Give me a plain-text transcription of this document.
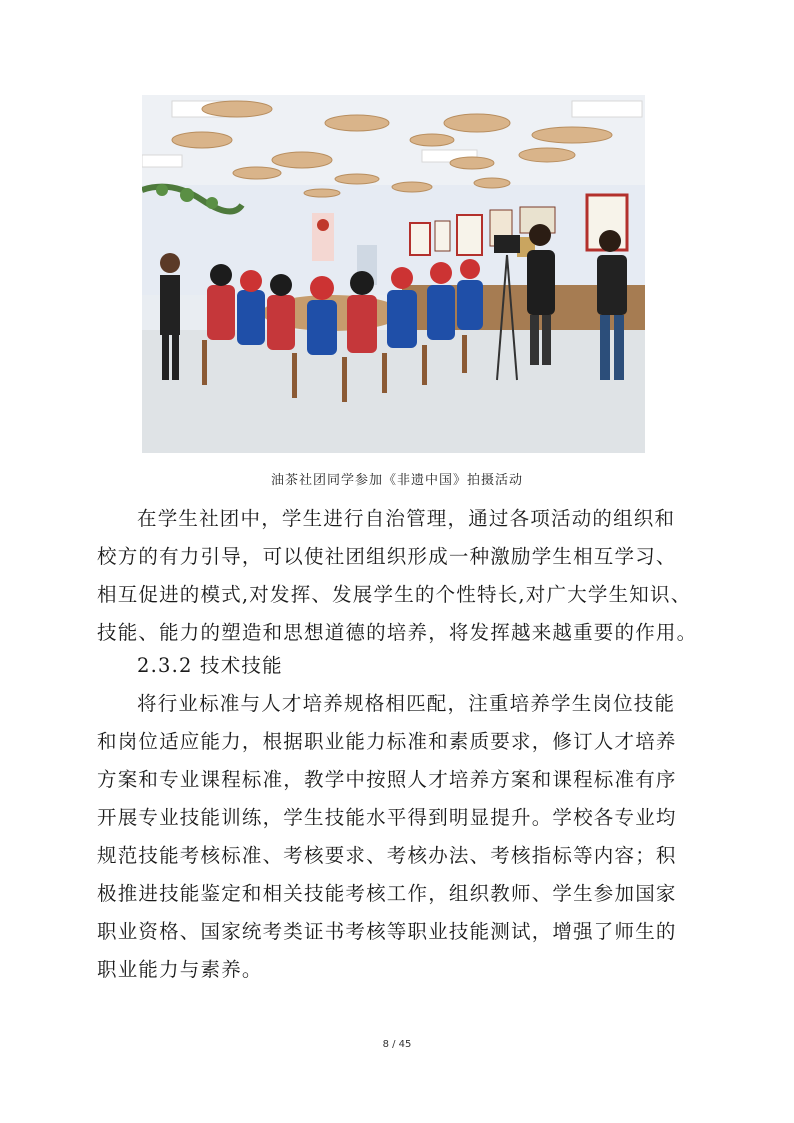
油茶社团同学参加《非遗中国》拍摄活动
在学生社团中，学生进行自治管理，通过各项活动的组织和
校方的有力引导，可以使社团组织形成一种激励学生相互学习、
相互促进的模式,对发挥、发展学生的个性特长,对广大学生知识、
技能、能力的塑造和思想道德的培养，将发挥越来越重要的作用。
2.3.2 技术技能
将行业标准与人才培养规格相匹配，注重培养学生岗位技能
和岗位适应能力，根据职业能力标准和素质要求，修订人才培养
方案和专业课程标准，教学中按照人才培养方案和课程标准有序
开展专业技能训练，学生技能水平得到明显提升。学校各专业均
规范技能考核标准、考核要求、考核办法、考核指标等内容；积
极推进技能鉴定和相关技能考核工作，组织教师、学生参加国家
职业资格、国家统考类证书考核等职业技能测试，增强了师生的
职业能力与素养。
8 / 45
